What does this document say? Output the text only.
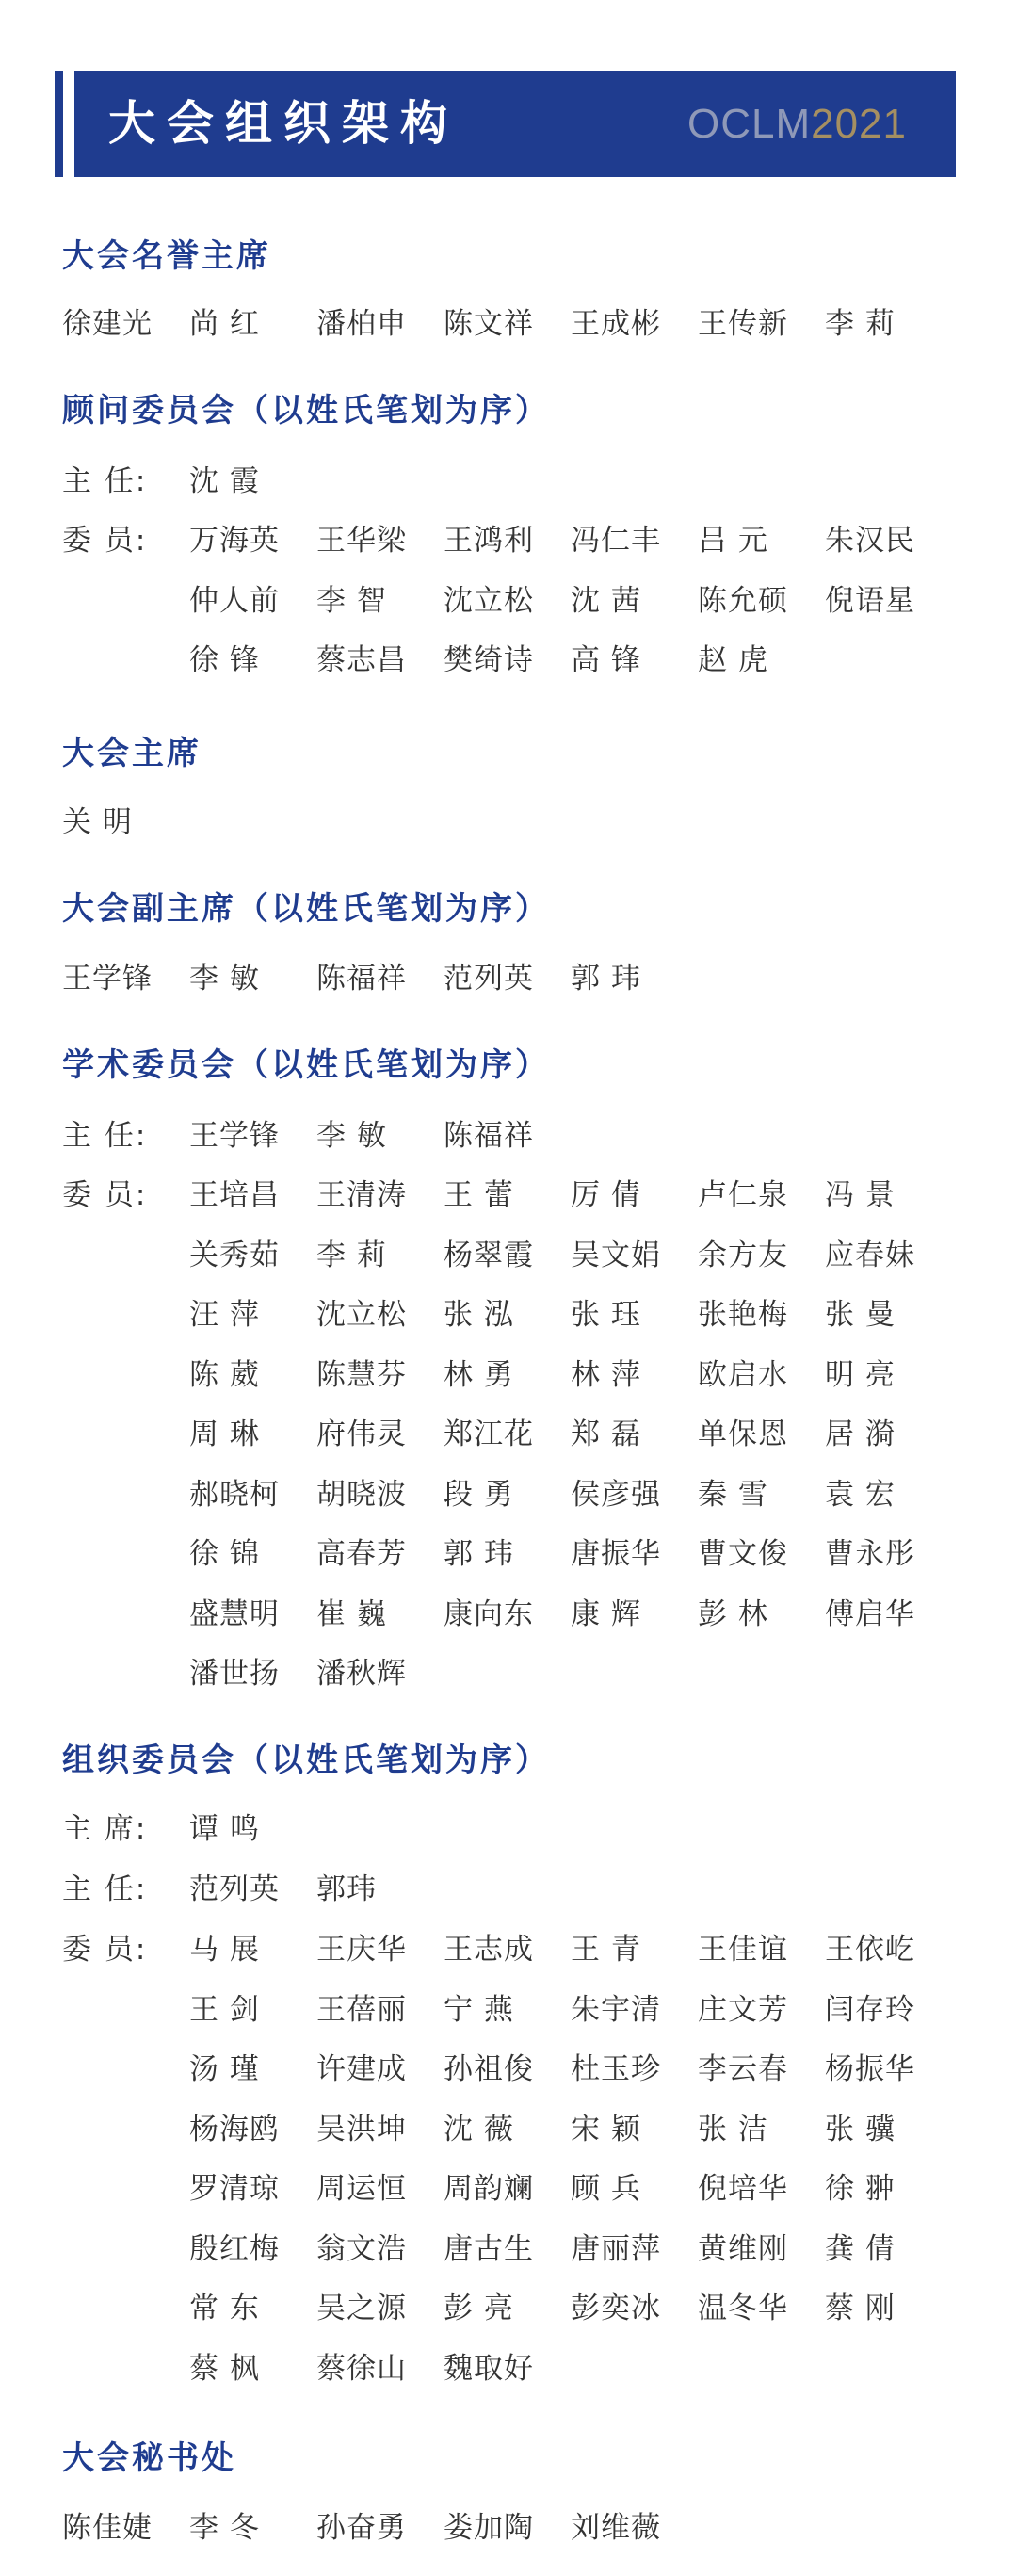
大会组织架构	OCLM2021
大会名誉主席
徐建光	尚 红	潘柏申	陈文祥	王成彬	王传新	李 莉
顾问委员会（以姓氏笔划为序）
主 任:	沈 霞
委 员:	万海英	王华梁	王鸿利	冯仁丰	吕 元	朱汉民
仲人前	李 智	沈立松	沈 茜	陈允硕	倪语星
徐 锋	蔡志昌	樊绮诗	高 锋	赵 虎
大会主席
关 明
大会副主席（以姓氏笔划为序）
王学锋	李 敏	陈福祥	范列英	郭 玮
学术委员会（以姓氏笔划为序）
主 任:	王学锋	李 敏	陈福祥
委 员:	王培昌	王清涛	王 蕾	厉 倩	卢仁泉	冯 景
关秀茹	李 莉	杨翠霞	吴文娟	余方友	应春妹
汪 萍	沈立松	张 泓	张 珏	张艳梅	张 曼
陈 葳	陈慧芬	林 勇	林 萍	欧启水	明 亮
周 琳	府伟灵	郑江花	郑 磊	单保恩	居 漪
郝晓柯	胡晓波	段 勇	侯彦强	秦 雪	袁 宏
徐 锦	高春芳	郭 玮	唐振华	曹文俊	曹永彤
盛慧明	崔 巍	康向东	康 辉	彭 林	傅启华
潘世扬	潘秋辉
组织委员会（以姓氏笔划为序）
主 席:	谭 鸣
主 任:	范列英	郭玮
委 员:	马 展	王庆华	王志成	王 青	王佳谊	王依屹
王 剑	王蓓丽	宁 燕	朱宇清	庄文芳	闫存玲
汤 瑾	许建成	孙祖俊	杜玉珍	李云春	杨振华
杨海鸥	吴洪坤	沈 薇	宋 颖	张 洁	张 骥
罗清琼	周运恒	周韵斓	顾 兵	倪培华	徐 翀
殷红梅	翁文浩	唐古生	唐丽萍	黄维刚	龚 倩
常 东	吴之源	彭 亮	彭奕冰	温冬华	蔡 刚
蔡 枫	蔡徐山	魏取好
大会秘书处
陈佳婕	李 冬	孙奋勇	娄加陶	刘维薇
